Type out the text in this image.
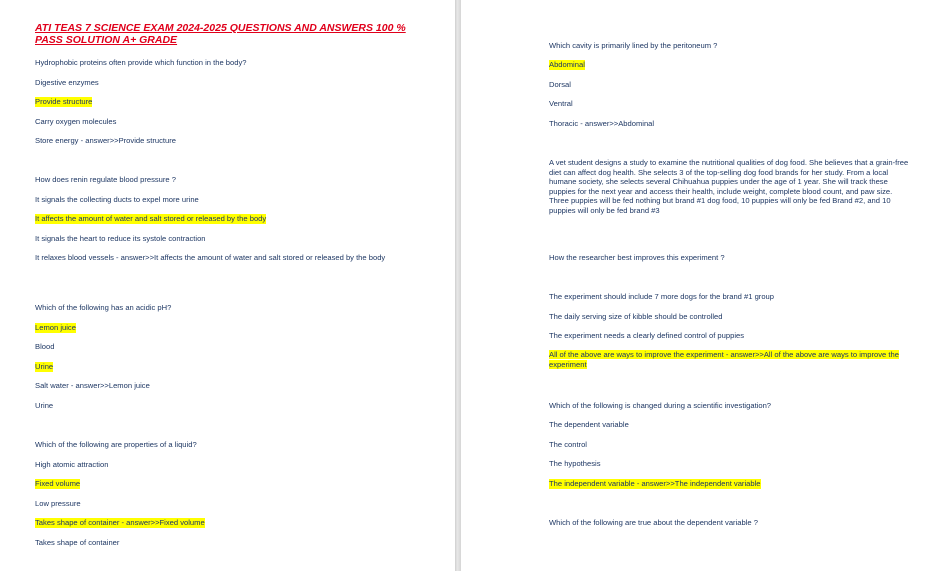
ATI TEAS 7 SCIENCE EXAM 2024-2025 QUESTIONS AND ANSWERS 100 % PASS SOLUTION A+ GRADE
Hydrophobic proteins often provide which function in the body?
Digestive enzymes
Provide structure
Carry oxygen molecules
Store energy - answer>>Provide structure
How does renin regulate blood pressure ?
It signals the collecting ducts to expel more urine
It affects the amount of water and salt stored or released by the body
It signals the heart to reduce its systole contraction
It relaxes blood vessels - answer>>It affects the amount of water and salt stored or released by the body
Which of the following has an acidic pH?
Lemon juice
Blood
Urine
Salt water - answer>>Lemon juice
Urine
Which of the following are properties of a liquid?
High atomic attraction
Fixed volume
Low pressure
Takes shape of container - answer>>Fixed volume
Takes shape of container
Which cavity is primarily lined by the peritoneum ?
Abdominal
Dorsal
Ventral
Thoracic - answer>>Abdominal
A vet student designs a study to examine the nutritional qualities of dog food. She believes that a grain-free diet can affect dog health. She selects 3 of the top-selling dog food brands for her study. From a local humane society, she selects several Chihuahua puppies under the age of 1 year. She will track these puppies for the next year and access their health, include weight, complete blood count, and paw size. Three puppies will be fed nothing but brand #1 dog food, 10 puppies will only be fed Brand #2, and 10 puppies will only be fed brand #3
How the researcher best improves this experiment ?
The experiment should include 7 more dogs for the brand #1 group
The daily serving size of kibble should be controlled
The experiment needs a clearly defined control of puppies
All of the above are ways to improve the experiment - answer>>All of the above are ways to improve the experiment
Which of the following is changed during a scientific investigation?
The dependent variable
The control
The hypothesis
The independent variable - answer>>The independent variable
Which of the following are true about the dependent variable ?
